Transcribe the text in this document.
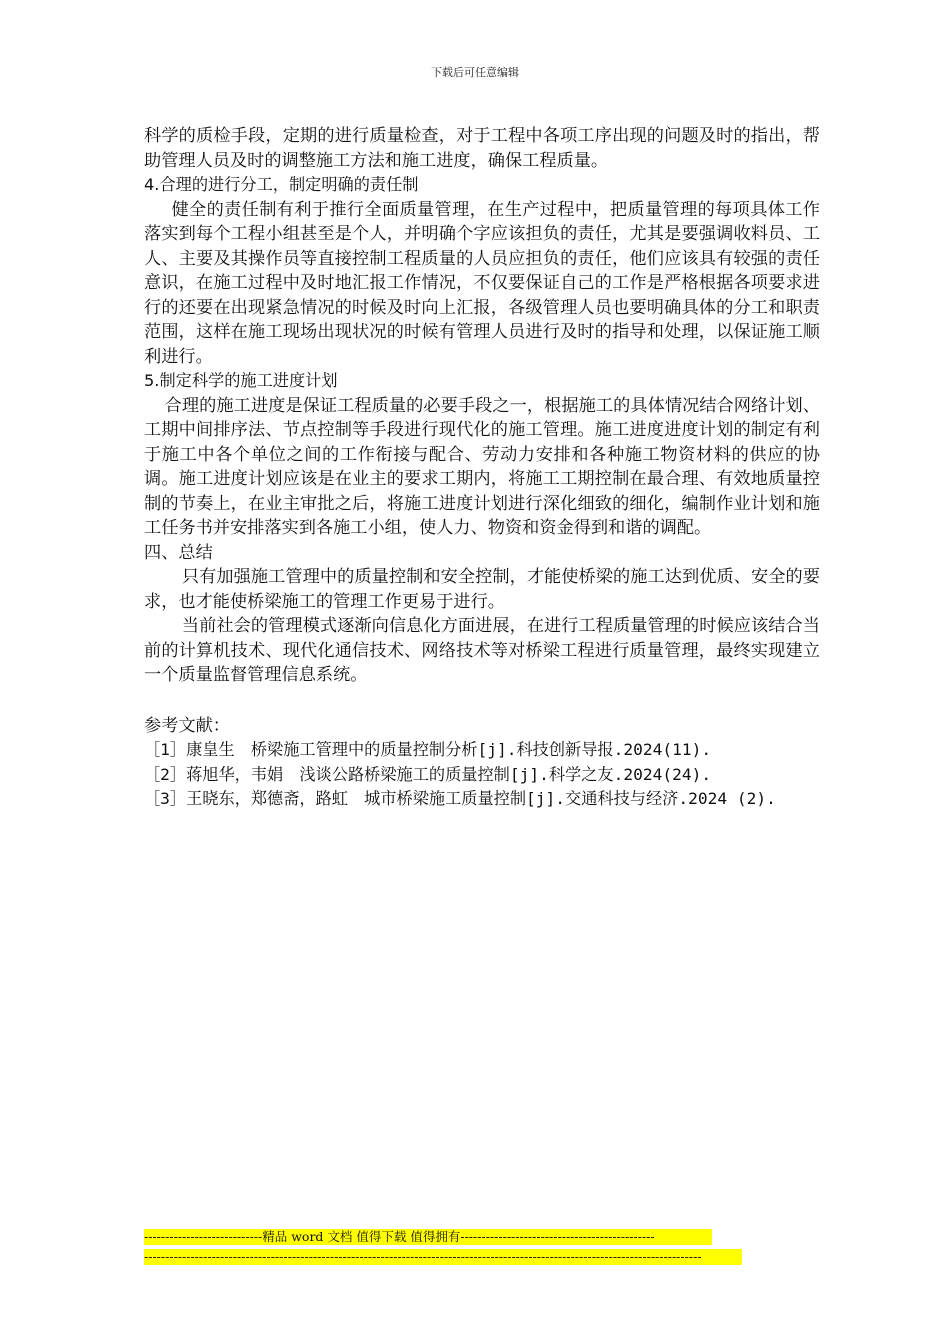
下载后可任意编辑

科学的质检手段，定期的进行质量检查，对于工程中各项工序出现的问题及时的指出，帮助管理人员及时的调整施工方法和施工进度，确保工程质量。

4.合理的进行分工，制定明确的责任制

健全的责任制有利于推行全面质量管理，在生产过程中，把质量管理的每项具体工作落实到每个工程小组甚至是个人，并明确个字应该担负的责任，尤其是要强调收料员、工人、主要及其操作员等直接控制工程质量的人员应担负的责任，他们应该具有较强的责任意识，在施工过程中及时地汇报工作情况，不仅要保证自己的工作是严格根据各项要求进行的还要在出现紧急情况的时候及时向上汇报，各级管理人员也要明确具体的分工和职责范围，这样在施工现场出现状况的时候有管理人员进行及时的指导和处理，以保证施工顺利进行。

5.制定科学的施工进度计划

合理的施工进度是保证工程质量的必要手段之一，根据施工的具体情况结合网络计划、工期中间排序法、节点控制等手段进行现代化的施工管理。施工进度进度计划的制定有利于施工中各个单位之间的工作衔接与配合、劳动力安排和各种施工物资材料的供应的协调。施工进度计划应该是在业主的要求工期内，将施工工期控制在最合理、有效地质量控制的节奏上，在业主审批之后，将施工进度计划进行深化细致的细化，编制作业计划和施工任务书并安排落实到各施工小组，使人力、物资和资金得到和谐的调配。

四、总结

只有加强施工管理中的质量控制和安全控制，才能使桥梁的施工达到优质、安全的要求，也才能使桥梁施工的管理工作更易于进行。

当前社会的管理模式逐渐向信息化方面进展，在进行工程质量管理的时候应该结合当前的计算机技术、现代化通信技术、网络技术等对桥梁工程进行质量管理，最终实现建立一个质量监督管理信息系统。

参考文献：

［1］康皇生　桥梁施工管理中的质量控制分析[j].科技创新导报.2024(11).

［2］蒋旭华，韦娟　浅谈公路桥梁施工的质量控制[j].科学之友.2024(24).

［3］王晓东，郑德斋，路虹　城市桥梁施工质量控制[j].交通科技与经济.2024 (2).

----------------------------精品 word 文档 值得下载 值得拥有----------------------------------------------
------------------------------------------------------------------------------------------------------------------------------------
